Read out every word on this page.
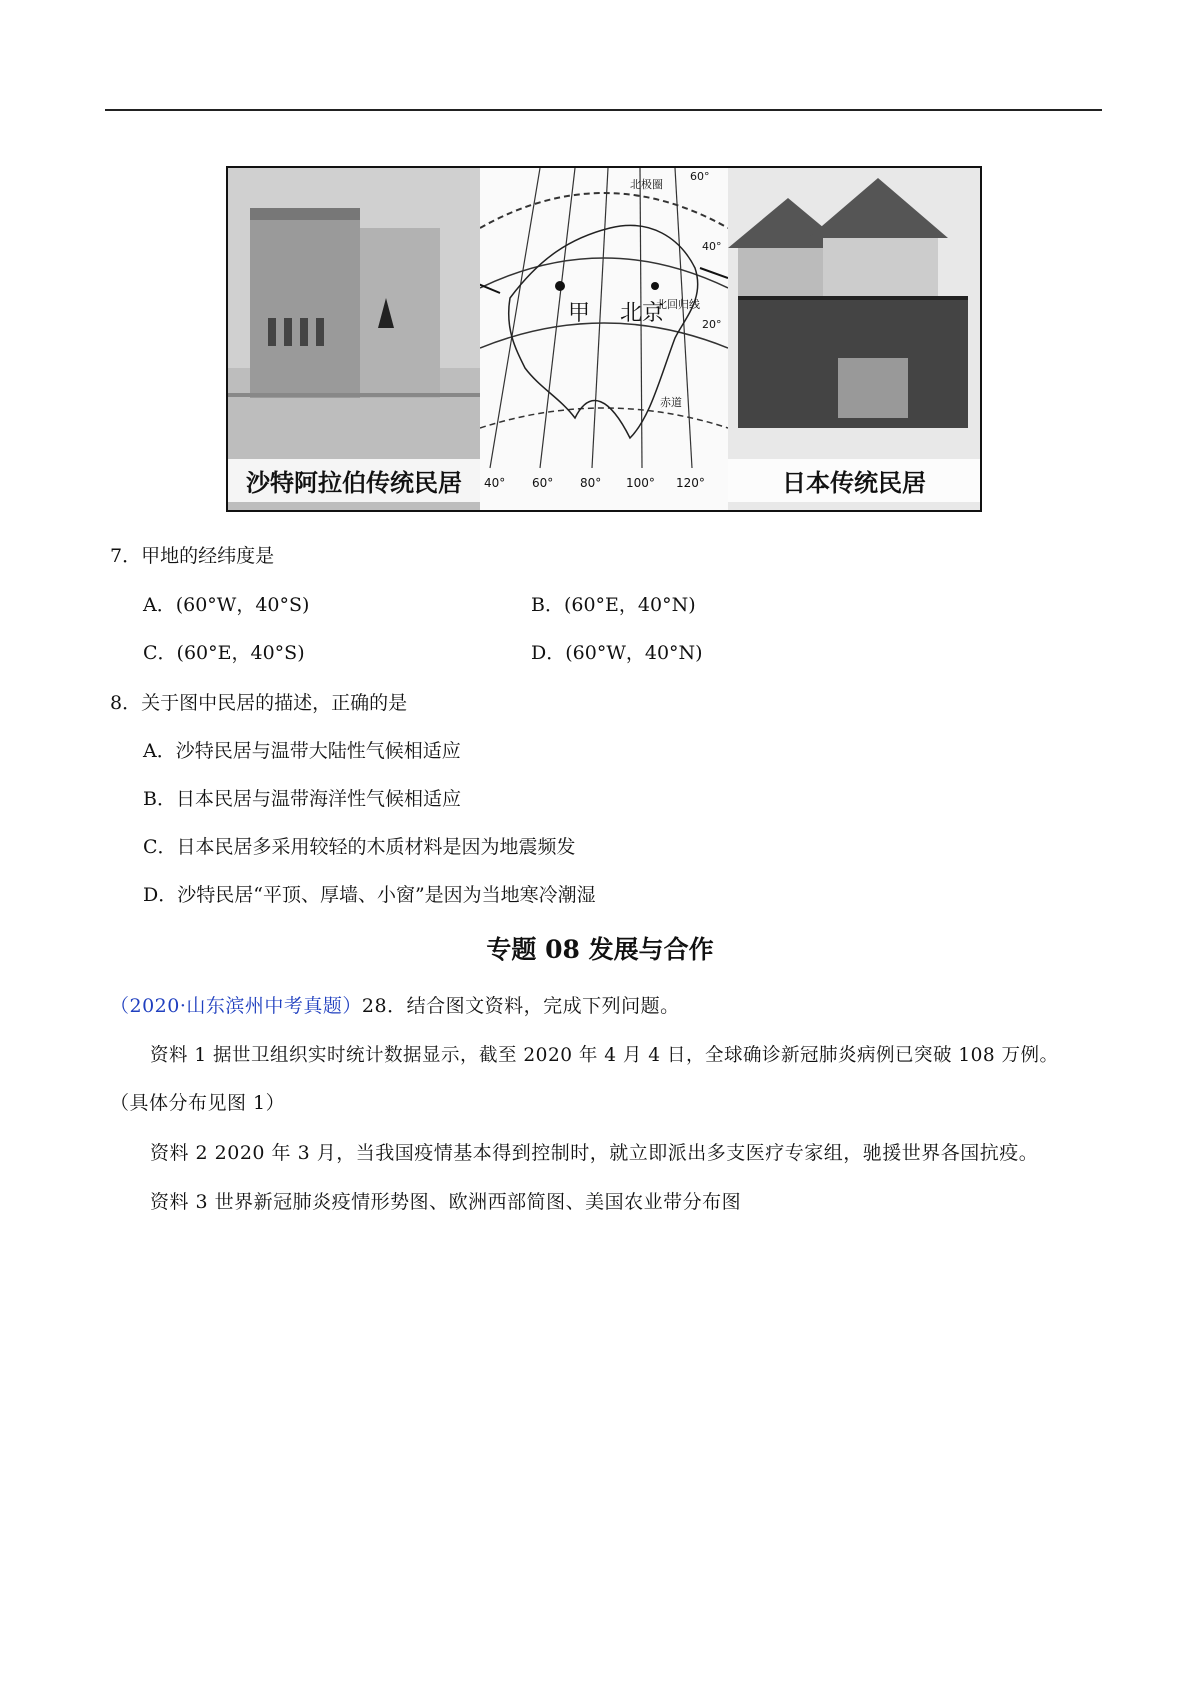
沙特阿拉伯传统民居
甲 北京
北极圈
北回归线
赤道
60°
40°
20°
40° 60° 80° 100° 120°	日本传统民居
7．甲地的经纬度是
A．(60°W，40°S)	B．(60°E，40°N)
C．(60°E，40°S)	D．(60°W，40°N)
8．关于图中民居的描述，正确的是
A．沙特民居与温带大陆性气候相适应
B．日本民居与温带海洋性气候相适应
C．日本民居多采用较轻的木质材料是因为地震频发
D．沙特民居“平顶、厚墙、小窗”是因为当地寒冷潮湿
专题 08 发展与合作
（2020·山东滨州中考真题）28．结合图文资料，完成下列问题。
资料 1 据世卫组织实时统计数据显示，截至 2020 年 4 月 4 日，全球确诊新冠肺炎病例已突破 108 万例。
（具体分布见图 1）
资料 2 2020 年 3 月，当我国疫情基本得到控制时，就立即派出多支医疗专家组，驰援世界各国抗疫。
资料 3 世界新冠肺炎疫情形势图、欧洲西部简图、美国农业带分布图
